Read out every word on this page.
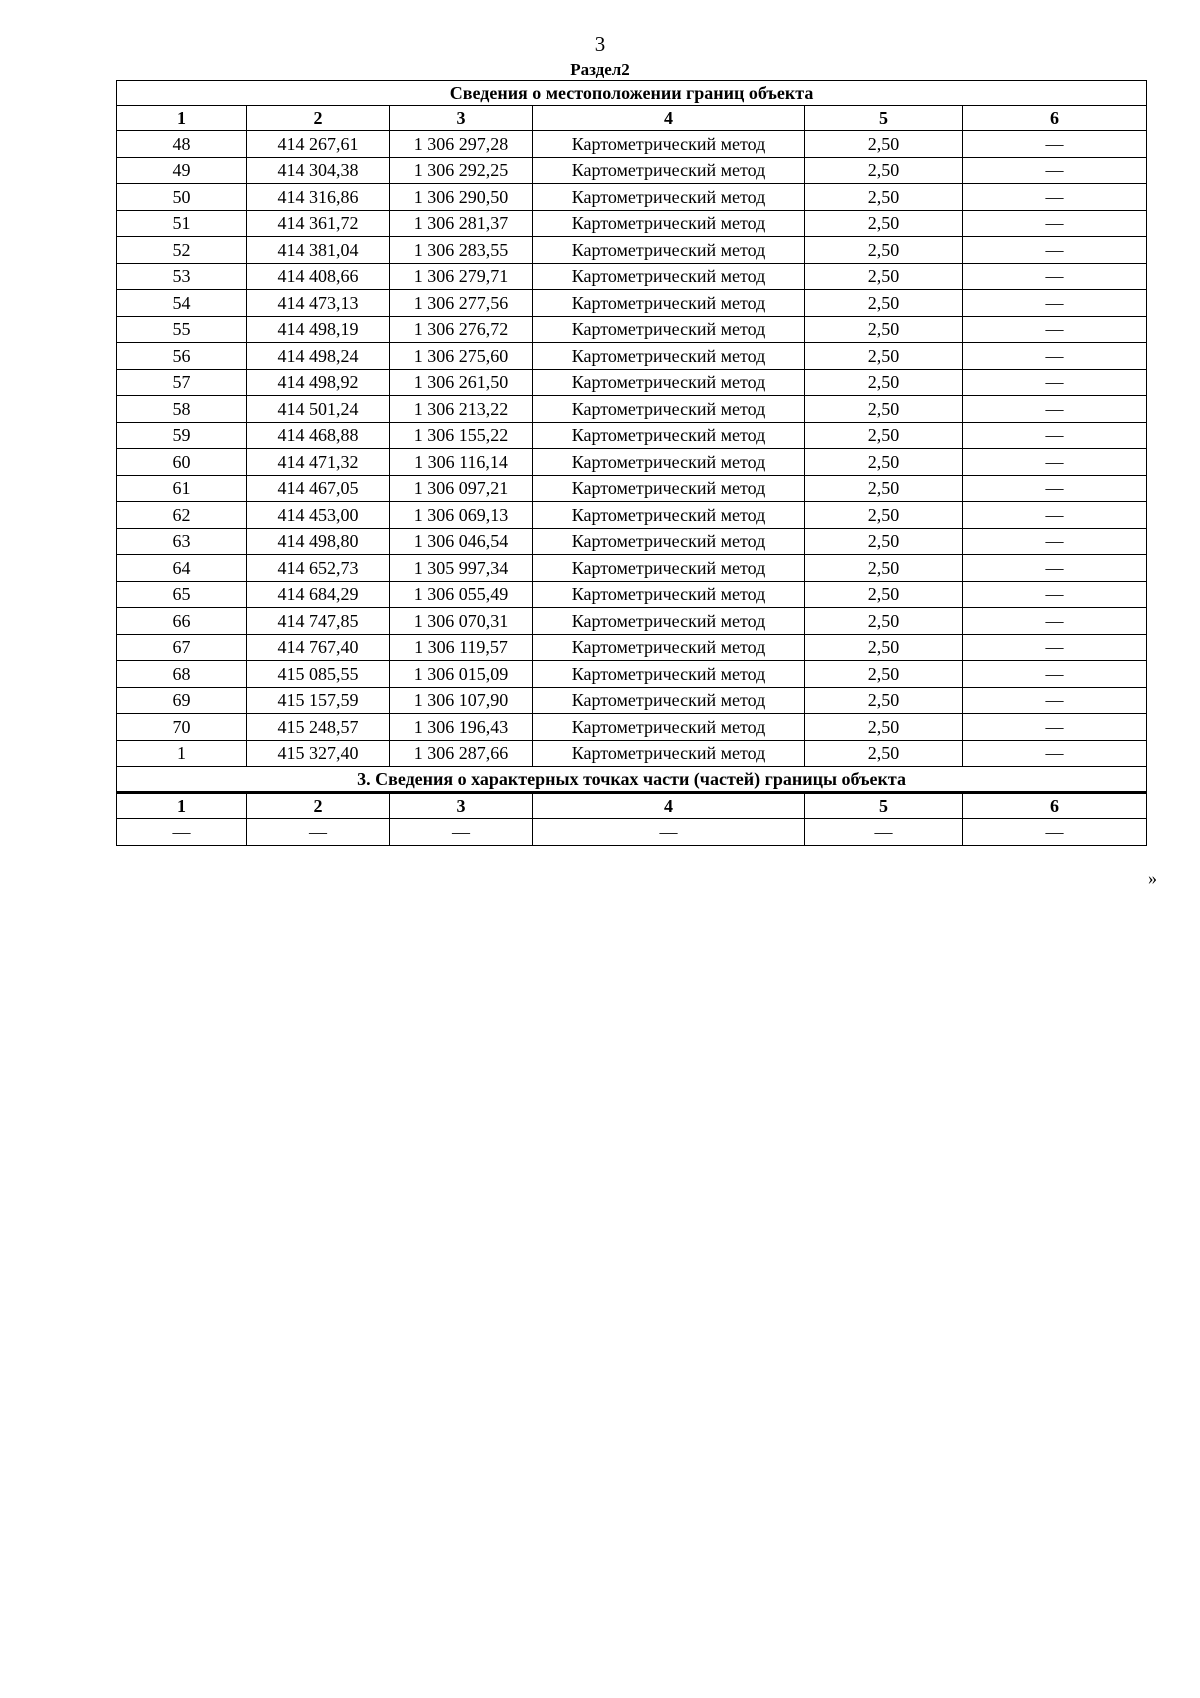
3
Раздел2
Сведения о местоположении границ объекта					
1	2	3	4	5	6
48	414 267,61	1 306 297,28	Картометрический метод	2,50	—
49	414 304,38	1 306 292,25	Картометрический метод	2,50	—
50	414 316,86	1 306 290,50	Картометрический метод	2,50	—
51	414 361,72	1 306 281,37	Картометрический метод	2,50	—
52	414 381,04	1 306 283,55	Картометрический метод	2,50	—
53	414 408,66	1 306 279,71	Картометрический метод	2,50	—
54	414 473,13	1 306 277,56	Картометрический метод	2,50	—
55	414 498,19	1 306 276,72	Картометрический метод	2,50	—
56	414 498,24	1 306 275,60	Картометрический метод	2,50	—
57	414 498,92	1 306 261,50	Картометрический метод	2,50	—
58	414 501,24	1 306 213,22	Картометрический метод	2,50	—
59	414 468,88	1 306 155,22	Картометрический метод	2,50	—
60	414 471,32	1 306 116,14	Картометрический метод	2,50	—
61	414 467,05	1 306 097,21	Картометрический метод	2,50	—
62	414 453,00	1 306 069,13	Картометрический метод	2,50	—
63	414 498,80	1 306 046,54	Картометрический метод	2,50	—
64	414 652,73	1 305 997,34	Картометрический метод	2,50	—
65	414 684,29	1 306 055,49	Картометрический метод	2,50	—
66	414 747,85	1 306 070,31	Картометрический метод	2,50	—
67	414 767,40	1 306 119,57	Картометрический метод	2,50	—
68	415 085,55	1 306 015,09	Картометрический метод	2,50	—
69	415 157,59	1 306 107,90	Картометрический метод	2,50	—
70	415 248,57	1 306 196,43	Картометрический метод	2,50	—
1	415 327,40	1 306 287,66	Картометрический метод	2,50	—
3. Сведения о характерных точках части (частей) границы объекта					
1	2	3	4	5	6
—	—	—	—	—	—
»
